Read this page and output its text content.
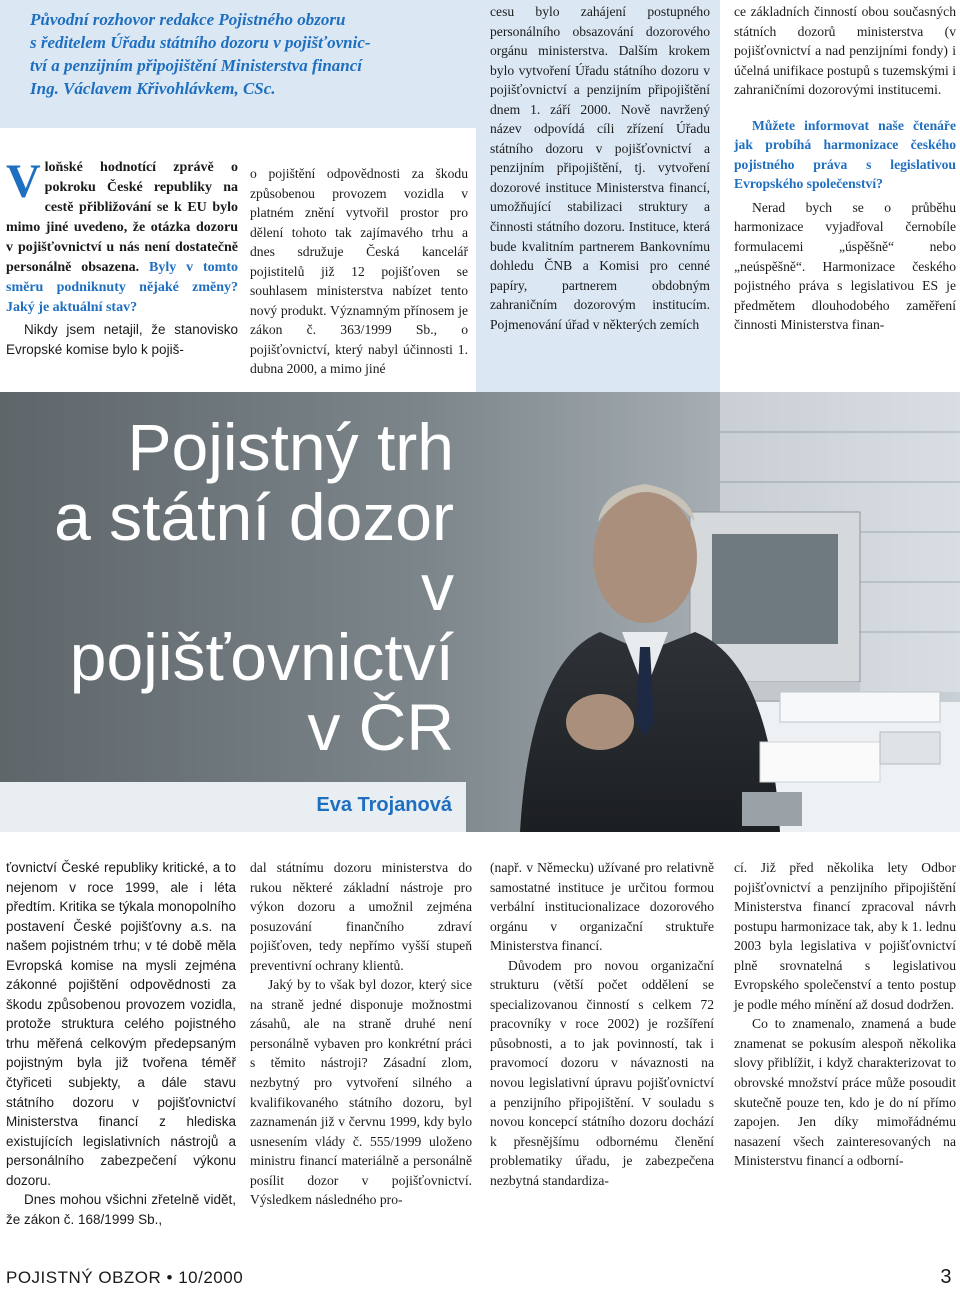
Původní rozhovor redakce Pojistného obzoru
s ředitelem Úřadu státního dozoru v pojišťovnic-
tví a penzijním připojištění Ministerstva financí
Ing. Václavem Křivohlávkem, CSc.

Vloňské hodnotící zprávě o pokroku České republiky na cestě přibližování se k EU bylo mimo jiné uvedeno, že otázka dozoru v pojišťovnictví u nás není dostatečně personálně obsazena. Byly v tomto směru podniknuty nějaké změny? Jaký je aktuální stav?

Nikdy jsem netajil, že stanovisko Evropské komise bylo k pojiš-

o pojištění odpovědnosti za škodu způsobenou provozem vozidla v platném znění vytvořil prostor pro dělení tohoto tak zajímavého trhu a dnes sdružuje Česká kancelář pojistitelů již 12 pojišťoven se souhlasem ministerstva nabízet tento nový produkt. Významným přínosem je zákon č. 363/1999 Sb., o pojišťovnictví, který nabyl účinnosti 1. dubna 2000, a mimo jiné

cesu bylo zahájení postupného personálního obsazování dozorového orgánu ministerstva. Dalším krokem bylo vytvoření Úřadu státního dozoru v pojišťovnictví a penzijním připojištění dnem 1. září 2000. Nově navržený název odpovídá cíli zřízení Úřadu státního dozoru v pojišťovnictví a penzijním připojištění, tj. vytvoření dozorové instituce Ministerstva financí, umožňující stabilizaci struktury a činnosti státního dozoru. Instituce, která bude kvalitním partnerem Bankovnímu dohledu ČNB a Komisi pro cenné papíry, partnerem obdobným zahraničním dozorovým institucím. Pojmenování úřad v některých zemích

ce základních činností obou současných státních dozorů ministerstva (v pojišťovnictví a nad penzijními fondy) i účelná unifikace postupů s tuzemskými i zahraničními dozorovými institucemi.

Můžete informovat naše čtenáře jak probíhá harmonizace českého pojistného práva s legislativou Evropského společenství?

Nerad bych se o průběhu harmonizace vyjadřoval černobíle formulacemi „úspěšně“ nebo „neúspěšně“. Harmonizace českého pojistného práva s legislativou ES je předmětem dlouhodobého zaměření činnosti Ministerstva finan-

Pojistný trh
a státní dozor
v pojišťovnictví
v ČR
Eva Trojanová

ťovnictví České republiky kritické, a to nejenom v roce 1999, ale i léta předtím. Kritika se týkala monopolního postavení České pojišťovny a.s. na našem pojistném trhu; v té době měla Evropská komise na mysli zejména zákonné pojištění odpovědnosti za škodu způsobenou provozem vozidla, protože struktura celého pojistného trhu měřená celkovým předepsaným pojistným byla již tvořena téměř čtyřiceti subjekty, a dále stavu státního dozoru v pojišťovnictví Ministerstva financí z hlediska existujících legislativních nástrojů a personálního zabezpečení výkonu dozoru.

Dnes mohou všichni zřetelně vidět, že zákon č. 168/1999 Sb.,

dal státnímu dozoru ministerstva do rukou některé základní nástroje pro výkon dozoru a umožnil zejména posuzování finančního zdraví pojišťoven, tedy nepřímo vyšší stupeň preventivní ochrany klientů.

Jaký by to však byl dozor, který sice na straně jedné disponuje možnostmi zásahů, ale na straně druhé není personálně vybaven pro konkrétní práci s těmito nástroji? Zásadní zlom, nezbytný pro vytvoření silného a kvalifikovaného státního dozoru, byl zaznamenán již v červnu 1999, kdy bylo usnesením vlády č. 555/1999 uloženo ministru financí materiálně a personálně posílit dozor v pojišťovnictví. Výsledkem následného pro-

(např. v Německu) užívané pro relativně samostatné instituce je určitou formou verbální institucionalizace dozorového orgánu v organizační struktuře Ministerstva financí.

Důvodem pro novou organizační strukturu (větší počet oddělení se specializovanou činností s celkem 72 pracovníky v roce 2002) je rozšíření působnosti, a to jak povinností, tak i pravomocí dozoru v návaznosti na novou legislativní úpravu pojišťovnictví a penzijního připojištění. V souladu s novou koncepcí státního dozoru dochází k přesnějšímu odbornému členění problematiky úřadu, je zabezpečena nezbytná standardiza-

cí. Již před několika lety Odbor pojišťovnictví a penzijního připojištění Ministerstva financí zpracoval návrh postupu harmonizace tak, aby k 1. lednu 2003 byla legislativa v pojišťovnictví plně srovnatelná s legislativou Evropského společenství a tento postup je podle mého mínění až dosud dodržen.

Co to znamenalo, znamená a bude znamenat se pokusím alespoň několika slovy přiblížit, i když charakterizovat to obrovské množství práce může posoudit skutečně pouze ten, kdo je do ní přímo zapojen. Jen díky mimořádnému nasazení všech zainteresovaných na Ministerstvu financí a odborní-

POJISTNÝ OBZOR • 10/2000	3
